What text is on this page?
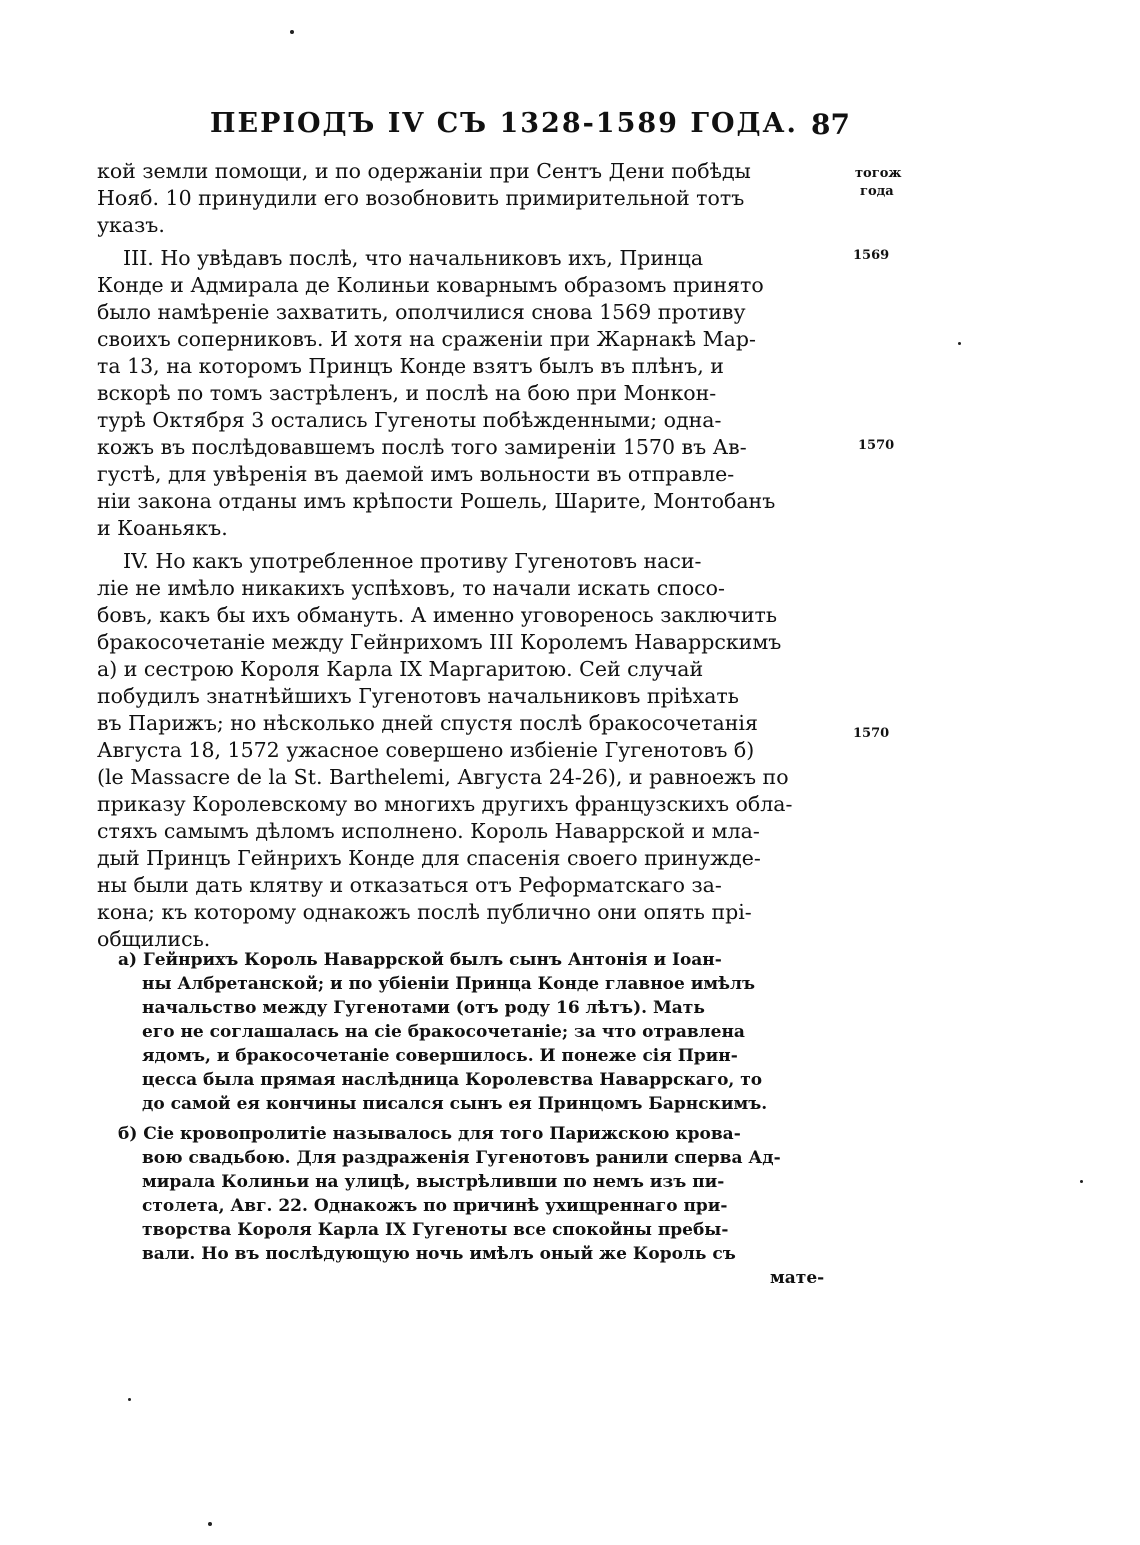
ПЕРІОДЪ IV СЪ 1328-1589 ГОДА. 87
кой земли помощи, и по одержаніи при Сентъ Дени побѣды
Нояб. 10 принудили его возобновить примирительной тотъ
указъ.
III. Но увѣдавъ послѣ, что начальниковъ ихъ, Принца
Конде и Адмирала де Колиньи коварнымъ образомъ принято
было намѣреніе захватить, ополчилися снова 1569 противу
своихъ соперниковъ. И хотя на сраженіи при Жарнакѣ Мар-
та 13, на которомъ Принцъ Конде взятъ былъ въ плѣнъ, и
вскорѣ по томъ застрѣленъ, и послѣ на бою при Монкон-
турѣ Октября 3 остались Гугеноты побѣжденными; одна-
кожъ въ послѣдовавшемъ послѣ того замиреніи 1570 въ Ав-
густѣ, для увѣренія въ даемой имъ вольности въ отправле-
ніи закона отданы имъ крѣпости Рошель, Шарите, Монтобанъ
и Коаньякъ.
IV. Но какъ употребленное противу Гугенотовъ наси-
ліе не имѣло никакихъ успѣховъ, то начали искать спосо-
бовъ, какъ бы ихъ обмануть. А именно уговореноcь заключить
бракосочетаніе между Гейнрихомъ III Королемъ Наваррскимъ
а) и сестрою Короля Карла IX Маргаритою. Сей случай
побудилъ знатнѣйшихъ Гугенотовъ начальниковъ пріѣхать
въ Парижъ; но нѣсколько дней спустя послѣ бракосочетанія
Августа 18, 1572 ужасное совершено избіеніе Гугенотовъ б)
(le Massacre de la St. Barthelemi, Августа 24-26), и равноежъ по
приказу Королевскому во многихъ другихъ французскихъ обла-
стяхъ самымъ дѣломъ исполнено. Король Наваррской и мла-
дый Принцъ Гейнрихъ Конде для спасенія своего принужде-
ны были дать клятву и отказаться отъ Реформатскаго за-
кона; къ которому однакожъ послѣ публично они опять прі-
общились.
тогож
года
1569
1570
1570
а) Гейнрихъ Король Наваррской былъ сынъ Антонія и Іоан-
ны Албретанской; и по убіеніи Принца Конде главное имѣлъ
начальство между Гугенотами (отъ роду 16 лѣтъ). Мать
его не соглашалась на сіе бракосочетаніе; за что отравлена
ядомъ, и бракосочетаніе совершилось. И понеже сія Прин-
цесса была прямая наслѣдница Королевства Наваррскаго, то
до самой ея кончины писался сынъ ея Принцомъ Барнскимъ.
б) Сіе кровопролитіе называлось для того Парижскою крова-
вою свадьбою. Для раздраженія Гугенотовъ ранили сперва Ад-
мирала Колиньи на улицѣ, выстрѣливши по немъ изъ пи-
столета, Авг. 22. Однакожъ по причинѣ ухищреннаго при-
творства Короля Карла IX Гугеноты все спокойны пребы-
вали. Но въ послѣдующую ночь имѣлъ оный же Король съ
мате-
